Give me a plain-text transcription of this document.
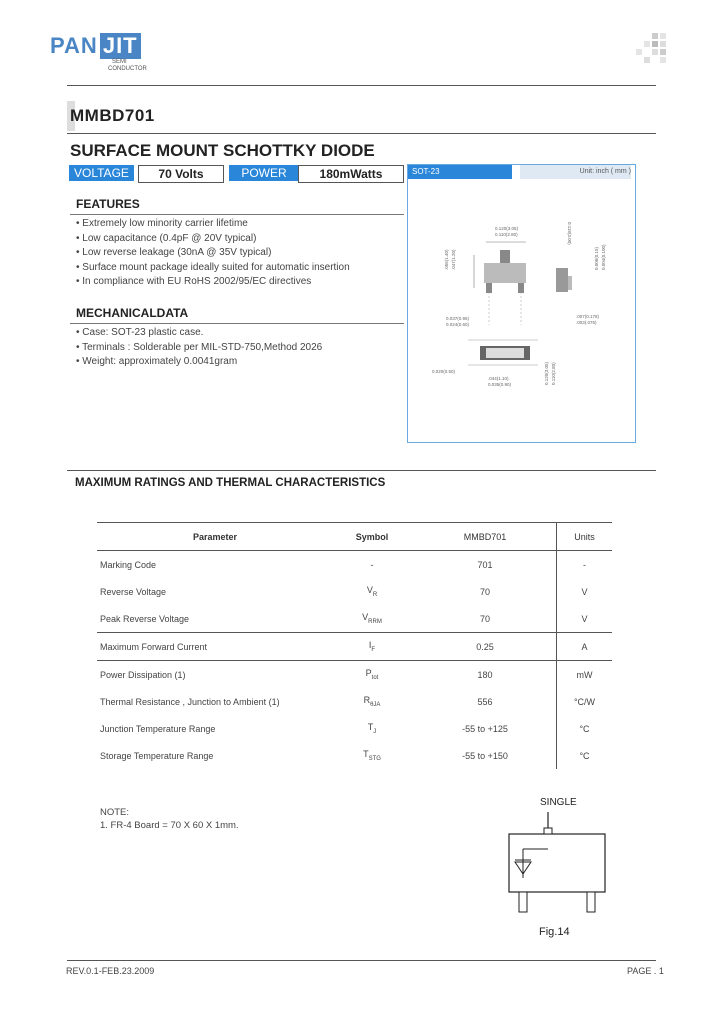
PAN JIT
SEMI
CONDUCTOR
MMBD701
SURFACE MOUNT SCHOTTKY DIODE
VOLTAGE	70 Volts	POWER	180mWatts
FEATURES
• Extremely low minority carrier lifetime
• Low capacitance (0.4pF @ 20V typical)
• Low reverse leakage (30nA @ 35V typical)
• Surface mount package ideally suited for automatic insertion
• In compliance with EU RoHS 2002/95/EC directives
MECHANICALDATA
• Case: SOT-23 plastic case.
• Terminals : Solderable per MIL-STD-750,Method 2026
• Weight: approximately 0.0041gram
SOT-23	Unit: inch ( mm )
0.120(3.05)
0.110(2.80)
.056(1.40) .047(1.20)
0.037(0.95)
0.024(0.60)
0.118(3.00)
0.006(0.15) 0.004(0.100)
.007(0.178)
.003(.076)
0.020(0.50)
.044(1.10)
0.035(0.90)	0.120(3.05) 0.110(2.80)
MAXIMUM RATINGS AND THERMAL CHARACTERISTICS
Parameter	Symbol	MMBD701	Units
Marking Code	-	701	-
Reverse Voltage	$V_R$	70	V
Peak Reverse Voltage	$V_{RRM}$	70	V
Maximum Forward Current	$I_F$	0.25	A
Power Dissipation (1)	$P_{tot}$	180	mW
Thermal Resistance , Junction to Ambient (1)	$R_{\theta JA}$	556	°C/W
Junction Temperature Range	$T_J$	-55 to +125	°C
Storage Temperature Range	$T_{STG}$	-55 to +150	°C
NOTE:
1. FR-4 Board = 70 X 60 X 1mm.
SINGLE
Fig.14
REV.0.1-FEB.23.2009	PAGE . 1
